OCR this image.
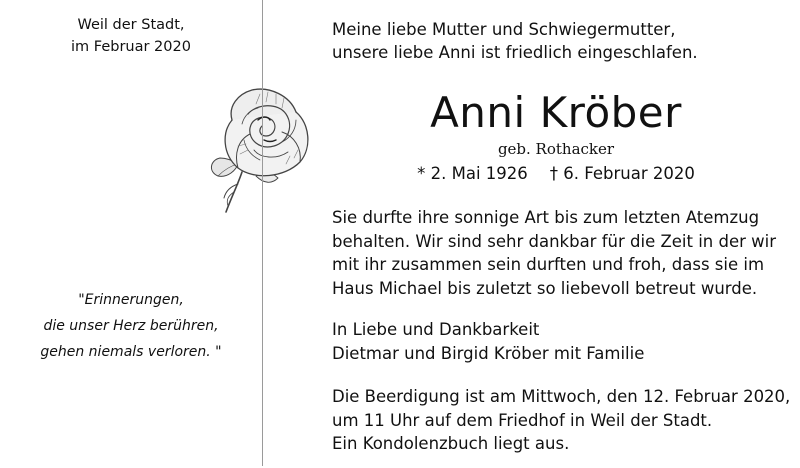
Weil der Stadt,
im Februar 2020
"Erinnerungen,
die unser Herz berühren,
gehen niemals verloren. "
Meine liebe Mutter und Schwiegermutter,
unsere liebe Anni ist friedlich eingeschlafen.
Anni Kröber
geb. Rothacker
* 2. Mai 1926 † 6. Februar 2020
Sie durfte ihre sonnige Art bis zum letzten Atemzug
behalten. Wir sind sehr dankbar für die Zeit in der wir
mit ihr zusammen sein durften und froh, dass sie im
Haus Michael bis zuletzt so liebevoll betreut wurde.
In Liebe und Dankbarkeit
Dietmar und Birgid Kröber mit Familie
Die Beerdigung ist am Mittwoch, den 12. Februar 2020,
um 11 Uhr auf dem Friedhof in Weil der Stadt.
Ein Kondolenzbuch liegt aus.
